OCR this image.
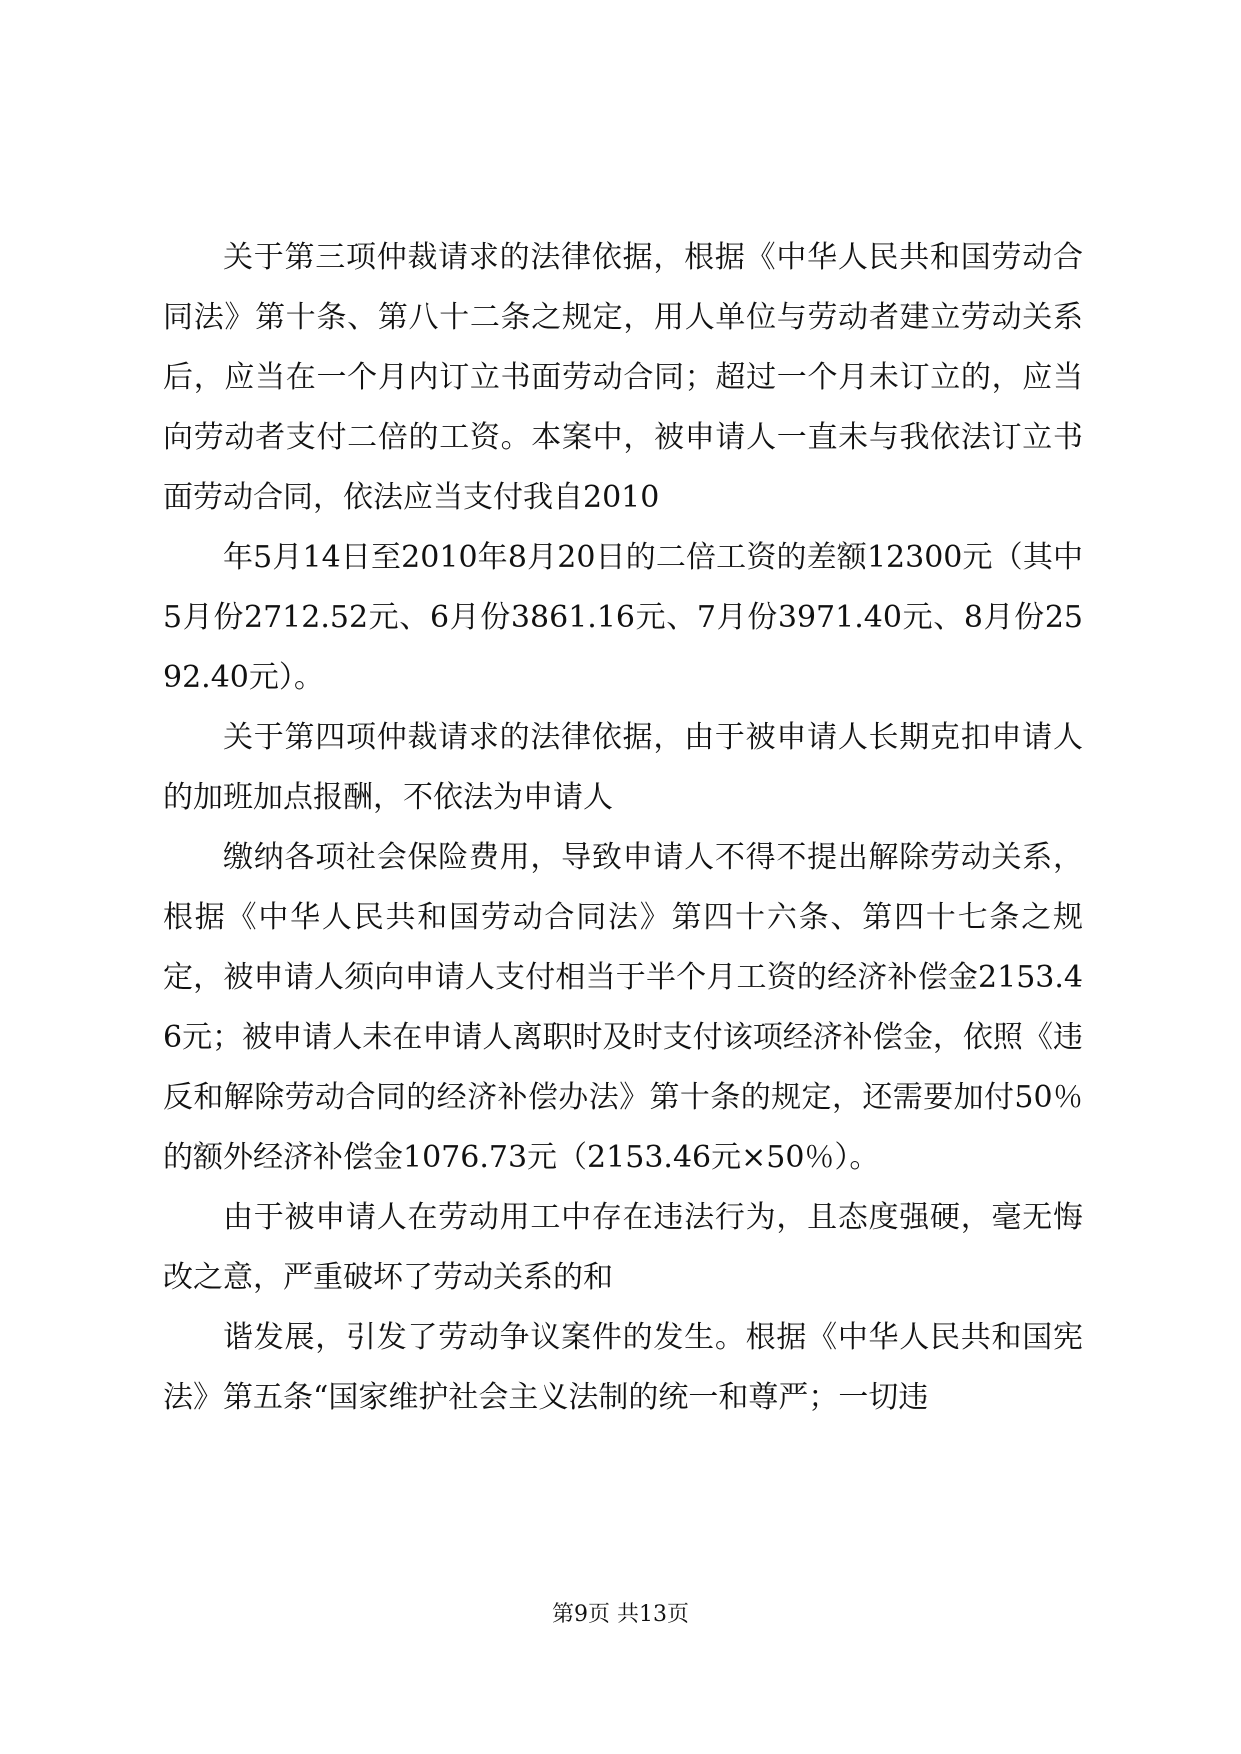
关于第三项仲裁请求的法律依据，根据《中华人民共和国劳动合同法》第十条、第八十二条之规定，用人单位与劳动者建立劳动关系后，应当在一个月内订立书面劳动合同；超过一个月未订立的，应当向劳动者支付二倍的工资。本案中，被申请人一直未与我依法订立书面劳动合同，依法应当支付我自2010

年5月14日至2010年8月20日的二倍工资的差额12300元（其中5月份2712.52元、6月份3861.16元、7月份3971.40元、8月份2592.40元）。

关于第四项仲裁请求的法律依据，由于被申请人长期克扣申请人的加班加点报酬，不依法为申请人

缴纳各项社会保险费用，导致申请人不得不提出解除劳动关系，根据《中华人民共和国劳动合同法》第四十六条、第四十七条之规定，被申请人须向申请人支付相当于半个月工资的经济补偿金2153.46元；被申请人未在申请人离职时及时支付该项经济补偿金，依照《违反和解除劳动合同的经济补偿办法》第十条的规定，还需要加付50％的额外经济补偿金1076.73元（2153.46元×50％）。

由于被申请人在劳动用工中存在违法行为，且态度强硬，毫无悔改之意，严重破坏了劳动关系的和

谐发展，引发了劳动争议案件的发生。根据《中华人民共和国宪法》第五条“国家维护社会主义法制的统一和尊严；一切违

第9页 共13页
